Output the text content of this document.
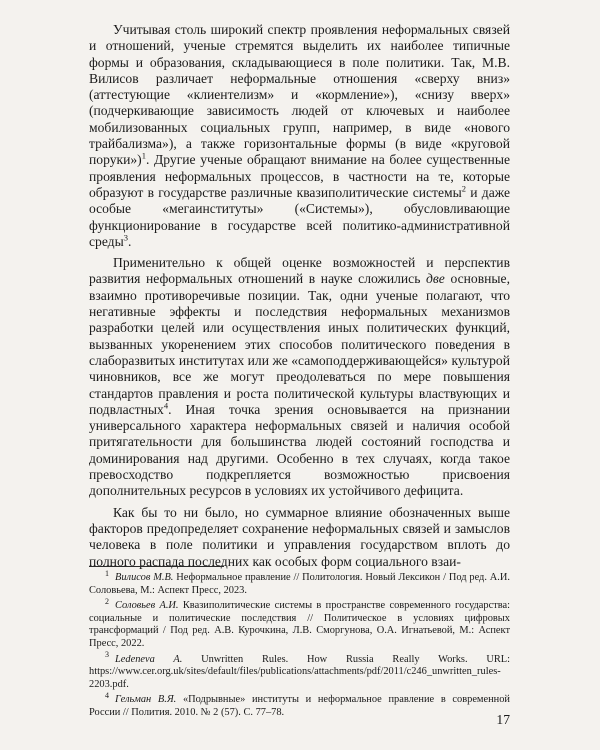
Учитывая столь широкий спектр проявления неформальных связей и отношений, ученые стремятся выделить их наиболее типичные формы и образования, складывающиеся в поле политики. Так, М.В. Вилисов различает неформальные отношения «сверху вниз» (аттестующие «клиентелизм» и «кормление»), «снизу вверх» (подчеркивающие зависимость людей от ключевых и наиболее мобилизованных социальных групп, например, в виде «нового трайбализма»), а также горизонтальные формы (в виде «круговой поруки»)$^1$. Другие ученые обращают внимание на более существенные проявления неформальных процессов, в частности на те, которые образуют в государстве различные квазиполитические системы$^2$ и даже особые «мегаинституты» («Системы»), обусловливающие функционирование в государстве всей политико-административной среды$^3$.

Применительно к общей оценке возможностей и перспектив развития неформальных отношений в науке сложились две основные, взаимно противоречивые позиции. Так, одни ученые полагают, что негативные эффекты и последствия неформальных механизмов разработки целей или осуществления иных политических функций, вызванных укоренением этих способов политического поведения в слаборазвитых институтах или же «самоподдерживающейся» культурой чиновников, все же могут преодолеваться по мере повышения стандартов правления и роста политической культуры властвующих и подвластных$^4$. Иная точка зрения основывается на признании универсального характера неформальных связей и наличия особой притягательности для большинства людей состояний господства и доминирования над другими. Особенно в тех случаях, когда такое превосходство подкрепляется возможностью присвоения дополнительных ресурсов в условиях их устойчивого дефицита.

Как бы то ни было, но суммарное влияние обозначенных выше факторов предопределяет сохранение неформальных связей и замыслов человека в поле политики и управления государством вплоть до полного распада последних как особых форм социального взаи-

$^1$ Вилисов М.В. Неформальное правление // Политология. Новый Лексикон / Под ред. А.И. Соловьева, М.: Аспект Пресс, 2023.

$^2$ Соловьев А.И. Квазиполитические системы в пространстве современного государства: социальные и политические последствия // Политическое в условиях цифровых трансформаций / Под ред. А.В. Курочкина, Л.В. Сморгунова, О.А. Игнатьевой, М.: Аспект Пресс, 2022.

$^3$ Ledeneva A. Unwritten Rules. How Russia Really Works. URL: https://www.cer.org.uk/sites/default/files/publications/attachments/pdf/2011/c246_unwritten_rules-2203.pdf.

$^4$ Гельман В.Я. «Подрывные» институты и неформальное правление в современной России // Полития. 2010. № 2 (57). С. 77–78.	17
